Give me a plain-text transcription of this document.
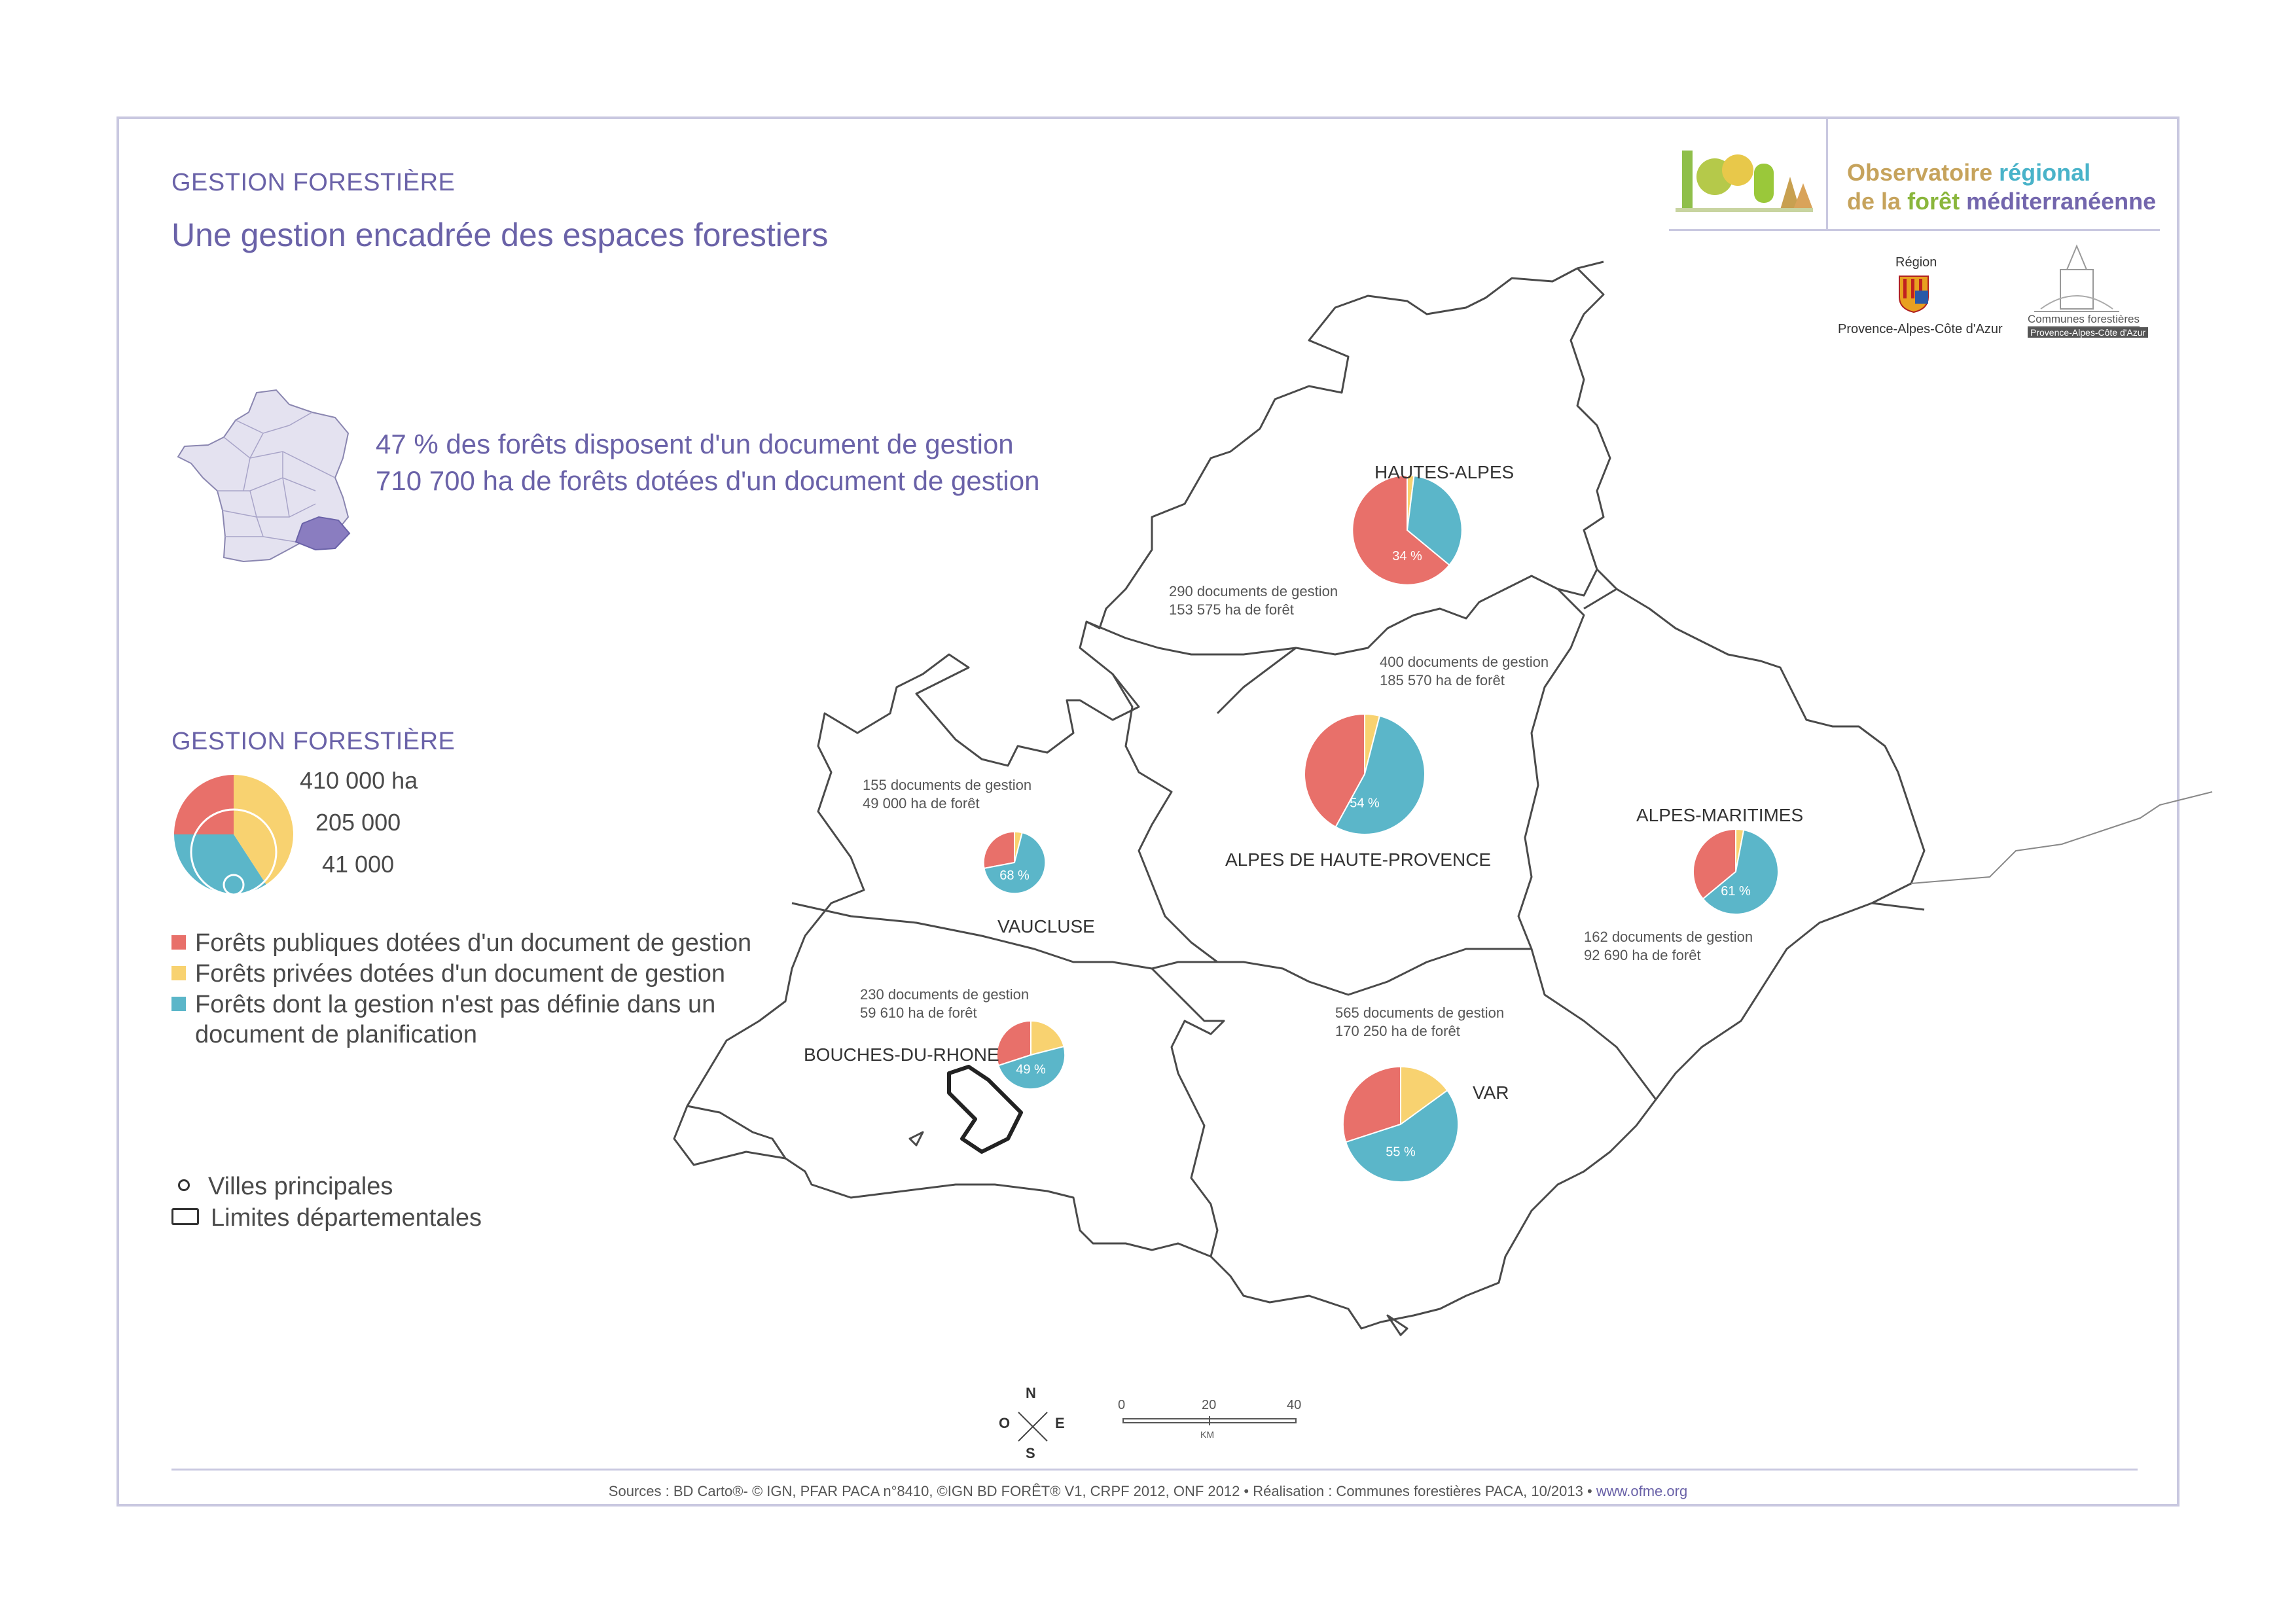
GESTION FORESTIÈRE
Une gestion encadrée des espaces forestiers
Observatoire régional
de la forêt méditerranéenne
Région
Provence-Alpes-Côte d'Azur
Communes forestières
Provence-Alpes-Côte d'Azur
47 % des forêts disposent d'un document de gestion
710 700 ha de forêts dotées d'un document de gestion
GESTION FORESTIÈRE
410 000 ha
205 000
41 000
Forêts publiques dotées d'un document de gestion
Forêts privées dotées d'un document de gestion
Forêts dont la gestion n'est pas définie dans un
document de planification
Villes principales
Limites départementales
34 %
54 %
68 %
61 %
49 %
55 %
HAUTES-ALPES
ALPES DE HAUTE-PROVENCE
VAUCLUSE
ALPES-MARITIMES
BOUCHES-DU-RHONE
VAR
290 documents de gestion
153 575 ha de forêt
400 documents de gestion
185 570 ha de forêt
155 documents de gestion
49 000 ha de forêt
162 documents de gestion
92 690 ha de forêt
230 documents de gestion
59 610 ha de forêt	565 documents de gestion
170 250 ha de forêt
N
S
E
O
0	20	40
KM
Sources : BD Carto®- © IGN, PFAR PACA n°8410, ©IGN BD FORÊT® V1, CRPF 2012, ONF 2012 • Réalisation : Communes forestières PACA, 10/2013 • www.ofme.org
